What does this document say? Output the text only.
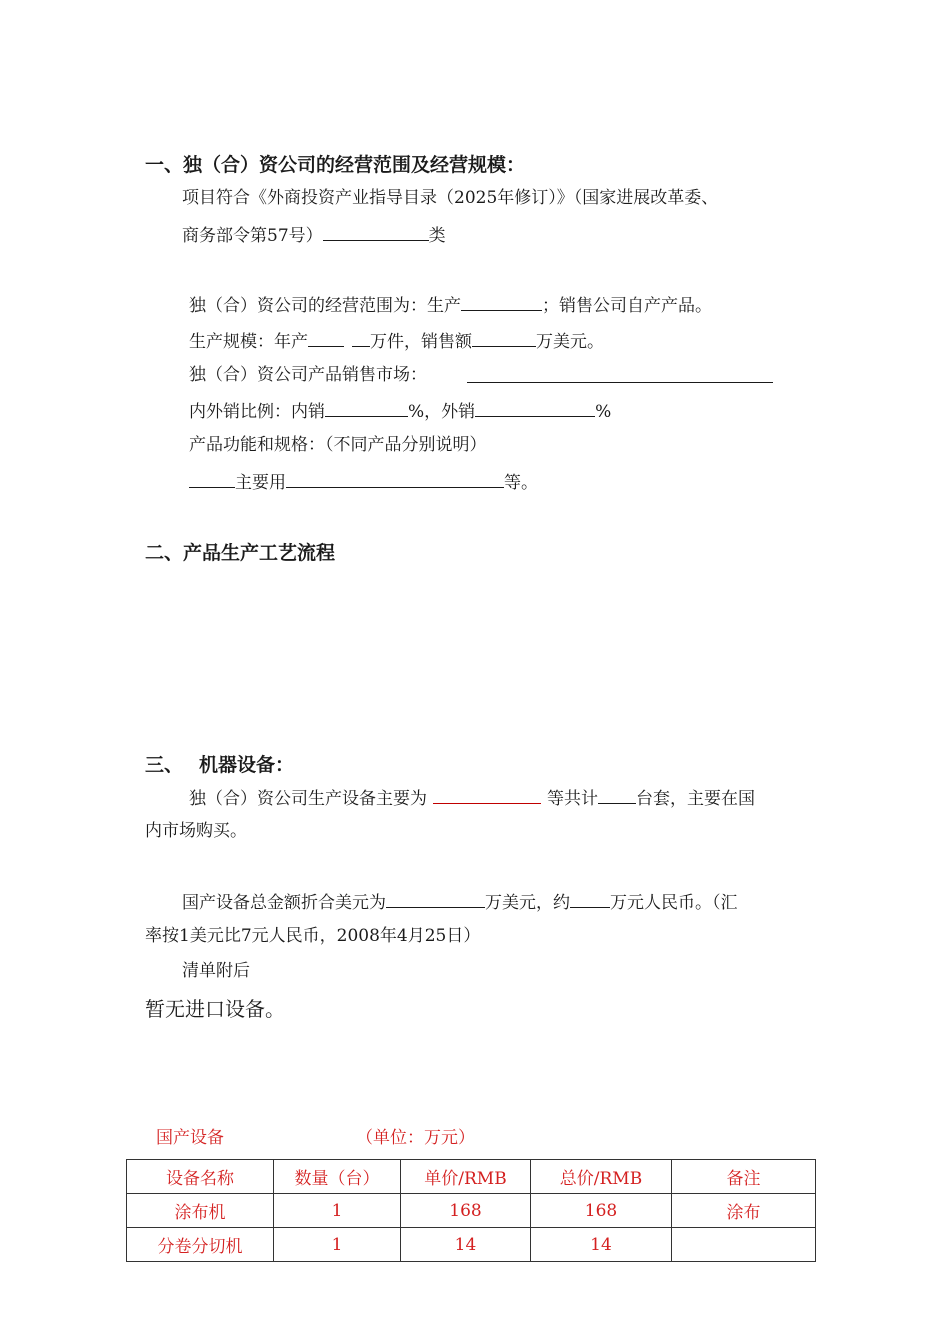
一、独（合）资公司的经营范围及经营规模：
项目符合《外商投资产业指导目录（2025年修订）》（国家进展改革委、
商务部令第57号）	类
独（合）资公司的经营范围为：生产	；销售公司自产产品。
生产规模：年产	万件，销售额	万美元。
独（合）资公司产品销售市场：
内外销比例：内销	%，外销	%
产品功能和规格：（不同产品分别说明）
主要用	等。
二、产品生产工艺流程
三、 机器设备：
独（合）资公司生产设备主要为	等共计 台套，主要在国
内市场购买。
国产设备总金额折合美元为	万美元，约 万元人民币。（汇
率按1美元比7元人民币，2008年4月25日）
清单附后
暂无进口设备。
国产设备	（单位：万元）
设备名称	数量（台）	单价/RMB	总价/RMB	备注
涂布机	1	168	168	涂布
分卷分切机	1	14	14	
